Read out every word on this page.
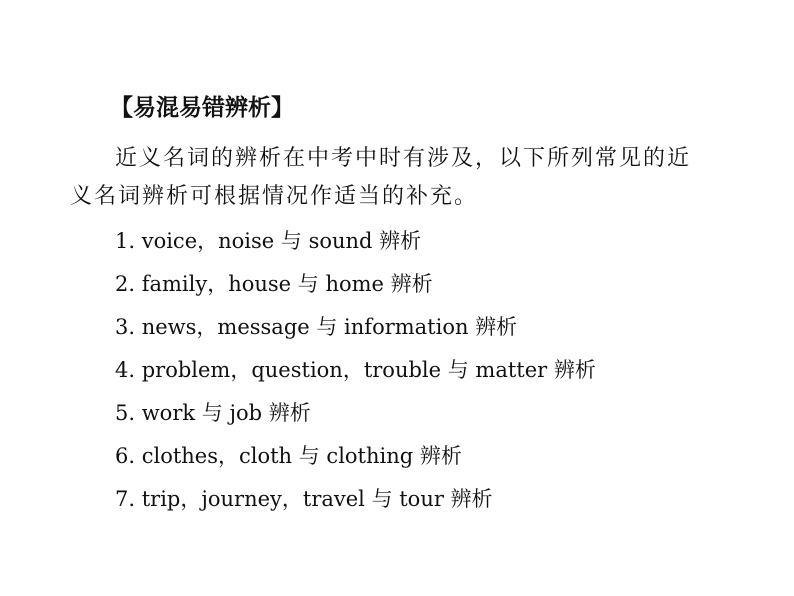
【易混易错辨析】
近义名词的辨析在中考中时有涉及，以下所列常见的近
义名词辨析可根据情况作适当的补充。
1. voice，noise 与 sound 辨析
2. family，house 与 home 辨析
3. news，message 与 information 辨析
4. problem，question，trouble 与 matter 辨析
5. work 与 job 辨析
6. clothes，cloth 与 clothing 辨析
7. trip，journey，travel 与 tour 辨析
